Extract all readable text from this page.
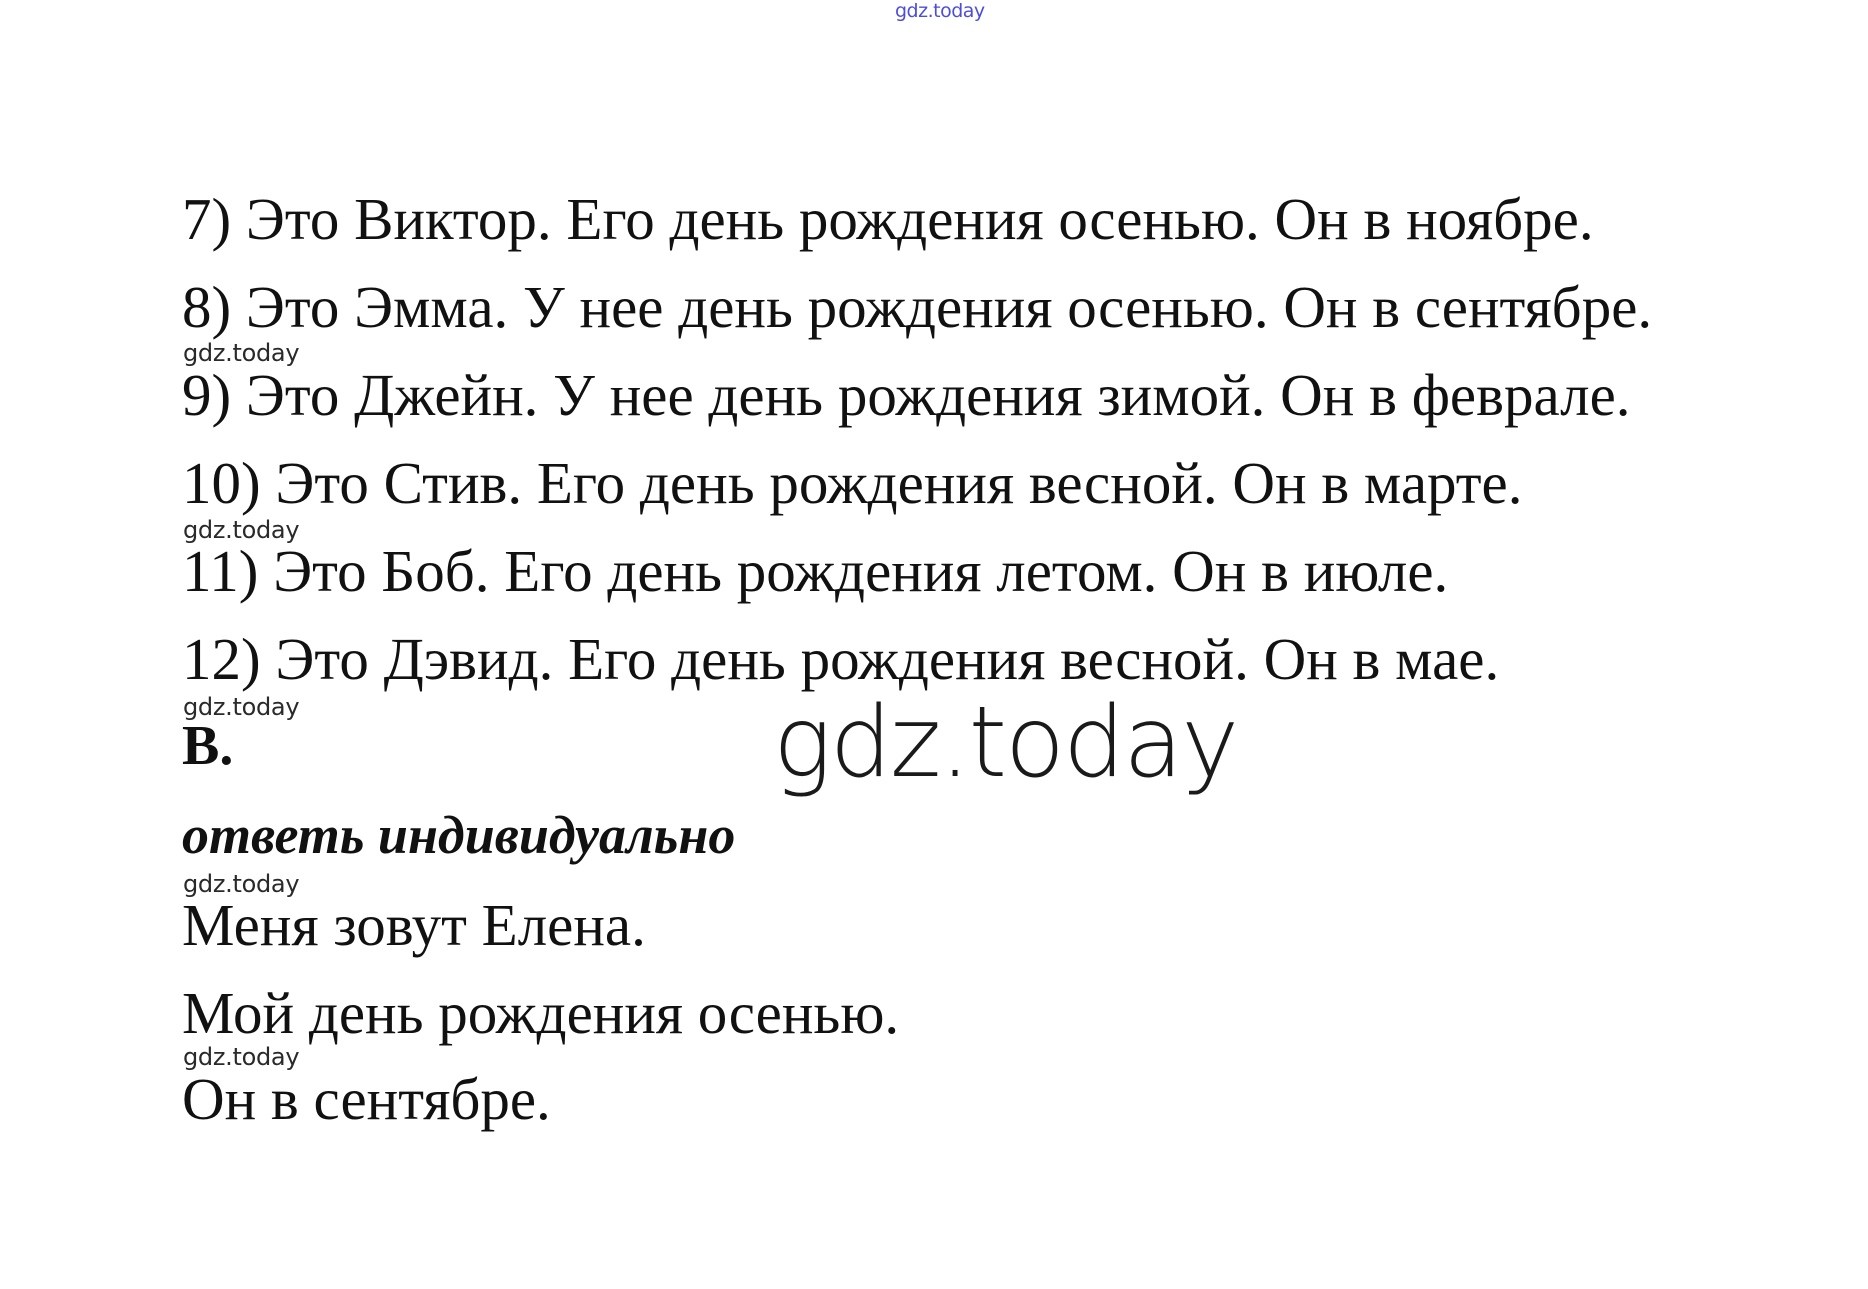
gdz.today
7) Это Виктор. Его день рождения осенью. Он в ноябре.
8) Это Эмма. У нее день рождения осенью. Он в сентябре.
gdz.today
9) Это Джейн. У нее день рождения зимой. Он в феврале.
10) Это Стив. Его день рождения весной. Он в марте.
gdz.today
11) Это Боб. Его день рождения летом. Он в июле.
12) Это Дэвид. Его день рождения весной. Он в мае.
gdz.today
B.	gdz.today
ответь индивидуально
gdz.today
Меня зовут Елена.
Мой день рождения осенью.
gdz.today
Он в сентябре.
